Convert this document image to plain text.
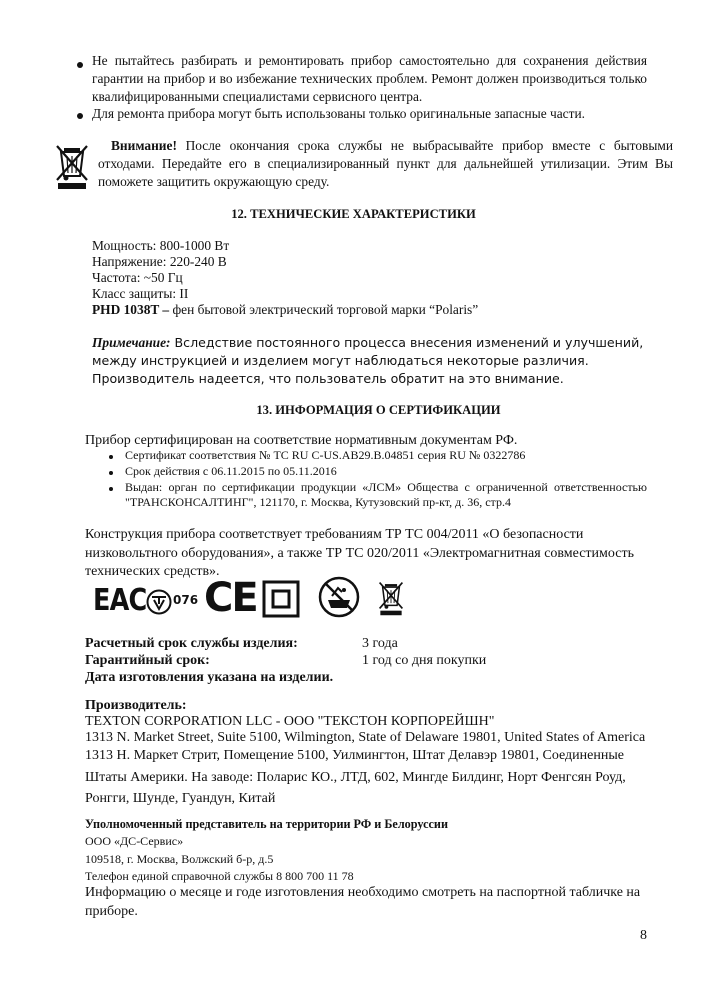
Не пытайтесь разбирать и ремонтировать прибор самостоятельно для сохранения действия гарантии на прибор и во избежание технических проблем. Ремонт должен производиться только квалифицированными специалистами сервисного центра.
Для ремонта прибора могут быть использованы только оригинальные запасные части.
Внимание! После окончания срока службы не выбрасывайте прибор вместе с бытовыми отходами. Передайте его в специализированный пункт для дальнейшей утилизации. Этим Вы поможете защитить окружающую среду.
12. ТЕХНИЧЕСКИЕ ХАРАКТЕРИСТИКИ
Мощность: 800-1000 Вт
Напряжение: 220-240 В
Частота: ~50 Гц
Класс защиты: II
PHD 1038T – фен бытовой электрический торговой марки “Polaris”
Примечание: Вследствие постоянного процесса внесения изменений и улучшений, между инструкцией и изделием могут наблюдаться некоторые различия. Производитель надеется, что пользователь обратит на это внимание.
13. ИНФОРМАЦИЯ О СЕРТИФИКАЦИИ
Прибор сертифицирован на соответствие нормативным документам РФ.
Сертификат соответствия № ТС RU C-US.AB29.B.04851 серия RU № 0322786
Срок действия с 06.11.2015 по 05.11.2016
Выдан: орган по сертификации продукции «ЛСМ» Общества с ограниченной ответственностью "ТРАНСКОНСАЛТИНГ", 121170, г. Москва, Кутузовский пр-кт, д. 36, стр.4
Конструкция прибора соответствует требованиям ТР ТС 004/2011 «О безопасности низковольтного оборудования», а также ТР ТС 020/2011 «Электромагнитная совместимость технических средств».
EAC 076 CE
Расчетный срок службы изделия:	3 года
Гарантийный срок:	1 год со дня покупки
Дата изготовления указана на изделии.
Производитель:
TEXTON CORPORATION LLC - ООО "ТЕКСТОН КОРПОРЕЙШН"
1313 N. Market Street, Suite 5100, Wilmington, State of Delaware 19801, United States of America
1313 Н. Маркет Стрит, Помещение 5100, Уилмингтон, Штат Делавэр 19801, Соединенные Штаты Америки. На заводе: Поларис КО., ЛТД, 602, Мингде Билдинг, Норт Фенгсян Роуд, Ронгги, Шунде, Гуандун, Китай
Уполномоченный представитель на территории РФ и Белоруссии
ООО «ДС-Сервис»
109518, г. Москва, Волжский б-р, д.5
Телефон единой справочной службы 8 800 700 11 78
Информацию о месяце и годе изготовления необходимо смотреть на паспортной табличке на приборе.
8
